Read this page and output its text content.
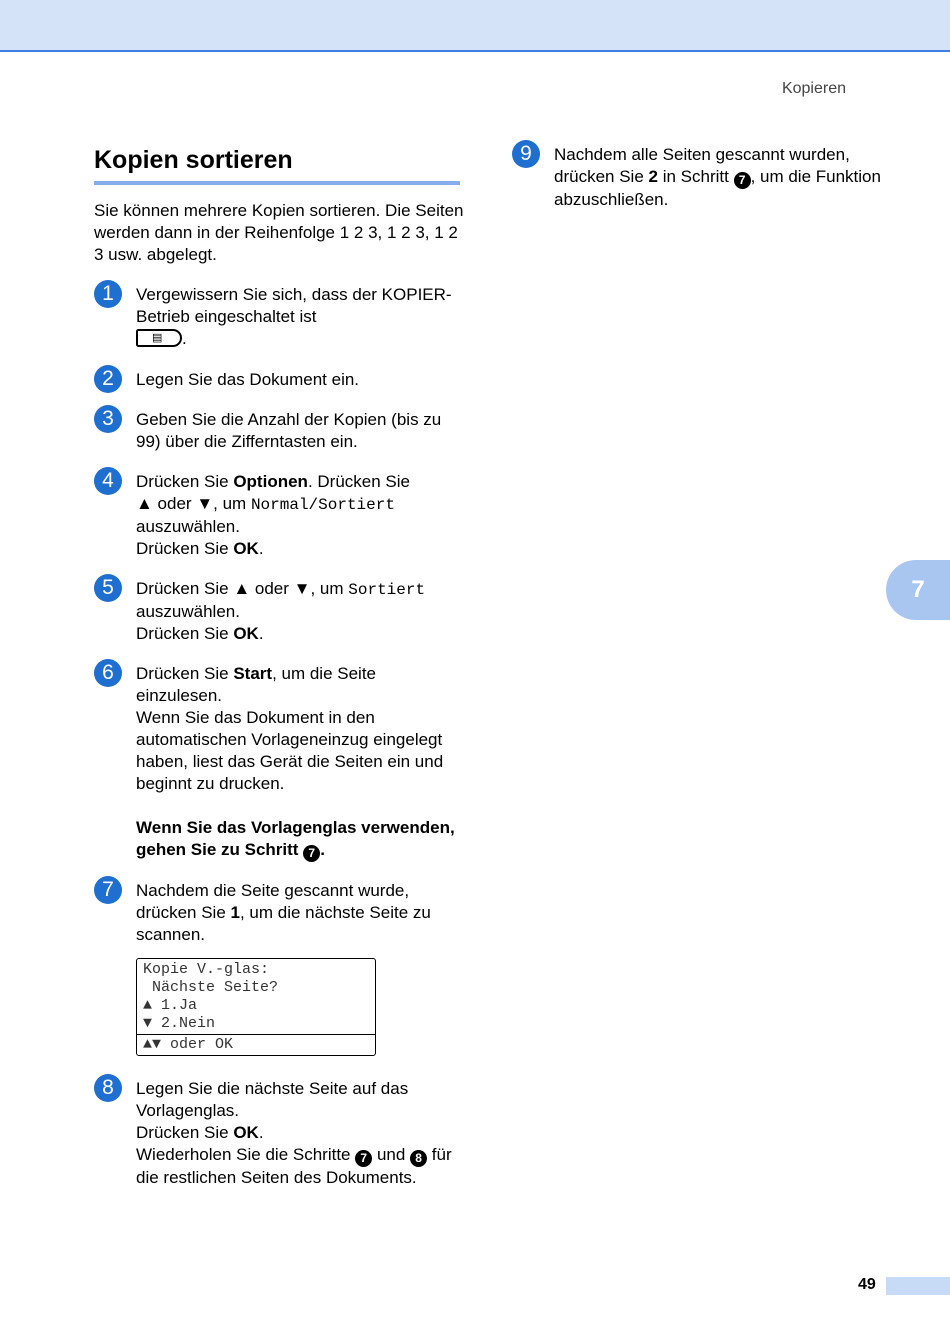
Kopieren
7
Kopien sortieren

Sie können mehrere Kopien sortieren. Die Seiten werden dann in der Reihenfolge 1 2 3, 1 2 3, 1 2 3 usw. abgelegt.

1	Vergewissern Sie sich, dass der KOPIER-Betrieb eingeschaltet ist

▤ .

2	Legen Sie das Dokument ein.

3	Geben Sie die Anzahl der Kopien (bis zu 99) über die Zifferntasten ein.

4	Drücken Sie Optionen. Drücken Sie
▲ oder ▼, um Normal/Sortiert auszuwählen.
Drücken Sie OK.

5	Drücken Sie ▲ oder ▼, um Sortiert auszuwählen.
Drücken Sie OK.

6	Drücken Sie Start, um die Seite einzulesen.
Wenn Sie das Dokument in den automatischen Vorlageneinzug eingelegt haben, liest das Gerät die Seiten ein und beginnt zu drucken.

Wenn Sie das Vorlagenglas verwenden, gehen Sie zu Schritt 7 .

7	Nachdem die Seite gescannt wurde, drücken Sie 1, um die nächste Seite zu scannen.

Kopie V.-glas:
Nächste Seite?
▲ 1.Ja
▼ 2.Nein
▲▼ oder OK
8	Legen Sie die nächste Seite auf das Vorlagenglas.
Drücken Sie OK.
Wiederholen Sie die Schritte 7 und 8 für die restlichen Seiten des Dokuments.

9	Nachdem alle Seiten gescannt wurden, drücken Sie 2 in Schritt 7 , um die Funktion abzuschließen.

49
